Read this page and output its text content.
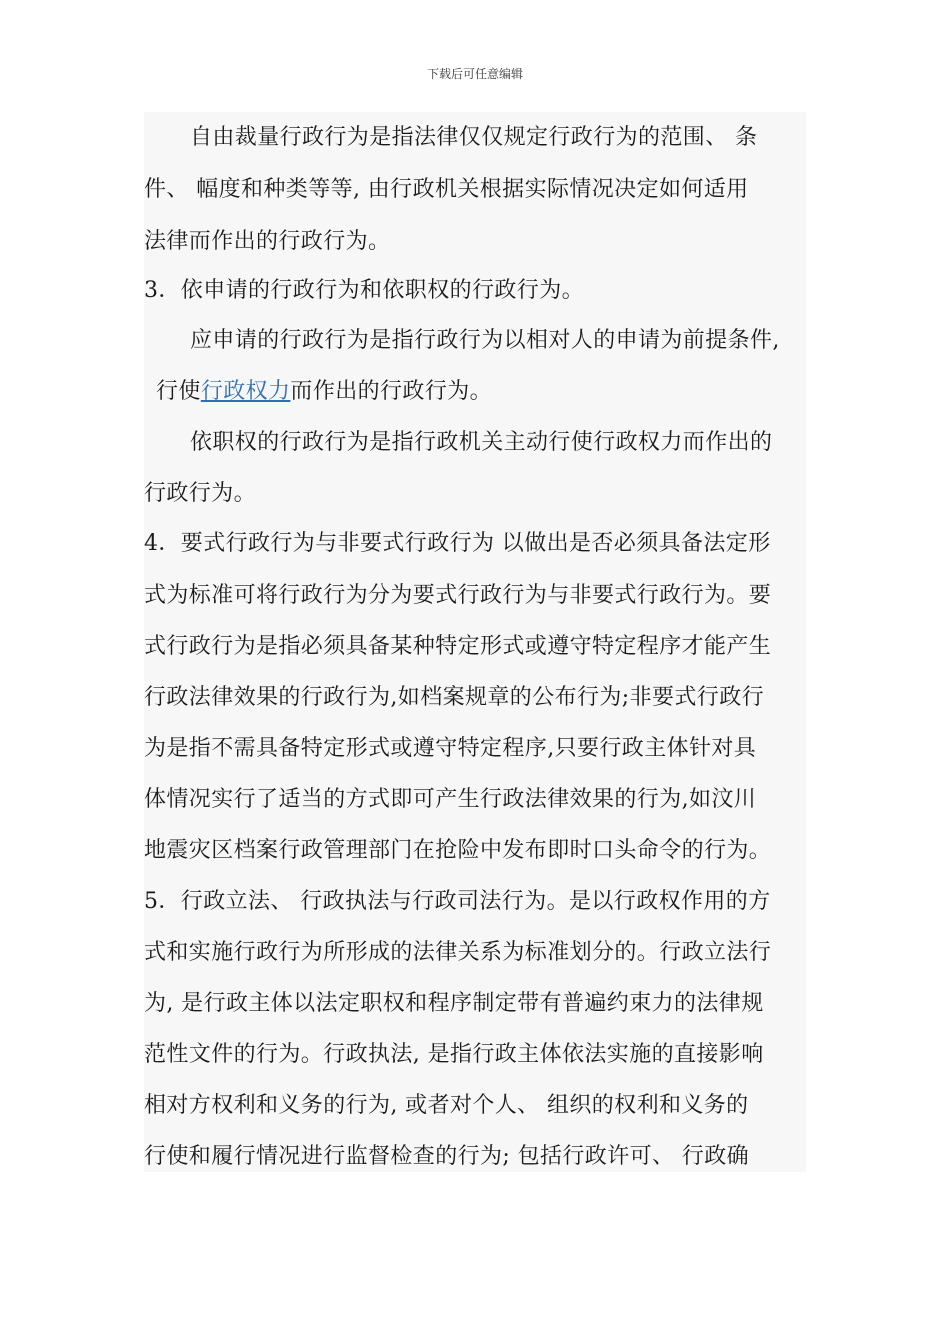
下载后可任意编辑
自由裁量行政行为是指法律仅仅规定行政行为的范围、 条
件、 幅度和种类等等, 由行政机关根据实际情况决定如何适用
法律而作出的行政行为。
3．依申请的行政行为和依职权的行政行为。
应申请的行政行为是指行政行为以相对人的申请为前提条件,
行使行政权力而作出的行政行为。
依职权的行政行为是指行政机关主动行使行政权力而作出的
行政行为。
4．要式行政行为与非要式行政行为 以做出是否必须具备法定形
式为标准可将行政行为分为要式行政行为与非要式行政行为。要
式行政行为是指必须具备某种特定形式或遵守特定程序才能产生
行政法律效果的行政行为,如档案规章的公布行为;非要式行政行
为是指不需具备特定形式或遵守特定程序,只要行政主体针对具
体情况实行了适当的方式即可产生行政法律效果的行为,如汶川
地震灾区档案行政管理部门在抢险中发布即时口头命令的行为。
5．行政立法、 行政执法与行政司法行为。是以行政权作用的方
式和实施行政行为所形成的法律关系为标准划分的。行政立法行
为, 是行政主体以法定职权和程序制定带有普遍约束力的法律规
范性文件的行为。行政执法, 是指行政主体依法实施的直接影响
相对方权利和义务的行为, 或者对个人、 组织的权利和义务的
行使和履行情况进行监督检查的行为; 包括行政许可、 行政确
